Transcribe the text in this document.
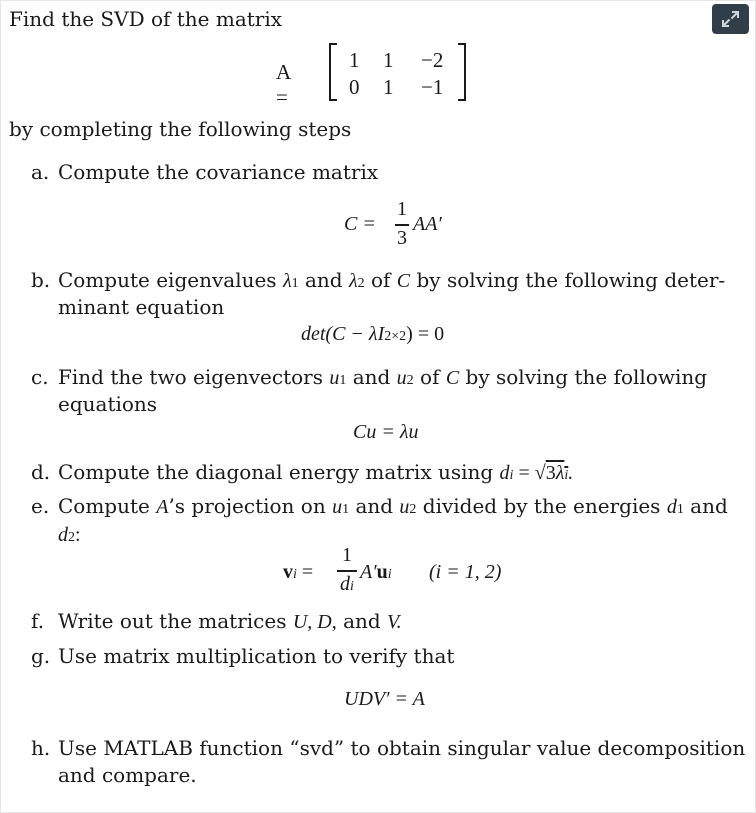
Find the SVD of the matrix
A =
1 1 −2
0 1 −1
by completing the following steps
a. Compute the covariance matrix
C =
1
3
AA′
b. Compute eigenvalues λ1 and λ2 of C by solving the following deter-
minant equation
det(C − λI2×2) = 0
c. Find the two eigenvectors u1 and u2 of C by solving the following
equations
Cu = λu
d. Compute the diagonal energy matrix using di = √3λi.
e. Compute A’s projection on u1 and u2 divided by the energies d1 and
d2:
vi =
1
di
A′ui (i = 1, 2)
f. Write out the matrices U, D, and V.
g. Use matrix multiplication to verify that
UDV′ = A
h. Use MATLAB function “svd” to obtain singular value decomposition
and compare.
